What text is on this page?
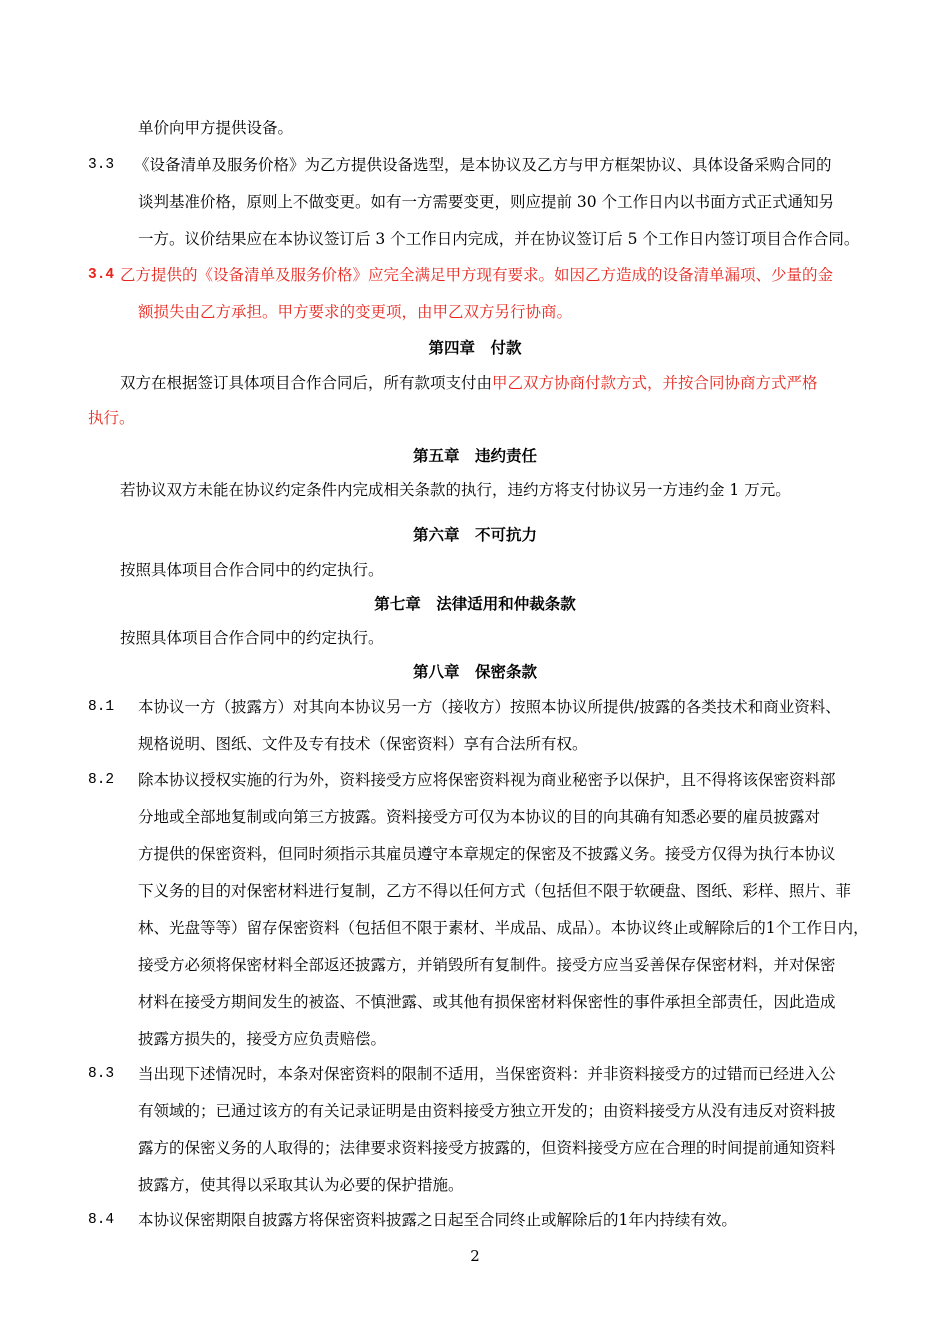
单价向甲方提供设备。
3.3 《设备清单及服务价格》为乙方提供设备选型，是本协议及乙方与甲方框架协议、具体设备采购合同的
谈判基准价格，原则上不做变更。如有一方需要变更，则应提前 30 个工作日内以书面方式正式通知另
一方。议价结果应在本协议签订后 3 个工作日内完成，并在协议签订后 5 个工作日内签订项目合作合同。
3.4 乙方提供的《设备清单及服务价格》应完全满足甲方现有要求。如因乙方造成的设备清单漏项、少量的金
额损失由乙方承担。甲方要求的变更项，由甲乙双方另行协商。
第四章　付款
双方在根据签订具体项目合作合同后，所有款项支付由甲乙双方协商付款方式，并按合同协商方式严格
执行。
第五章　违约责任
若协议双方未能在协议约定条件内完成相关条款的执行，违约方将支付协议另一方违约金 1 万元。
第六章　不可抗力
按照具体项目合作合同中的约定执行。
第七章　法律适用和仲裁条款
按照具体项目合作合同中的约定执行。
第八章　保密条款
8.1 本协议一方（披露方）对其向本协议另一方（接收方）按照本协议所提供/披露的各类技术和商业资料、
规格说明、图纸、文件及专有技术（保密资料）享有合法所有权。
8.2 除本协议授权实施的行为外，资料接受方应将保密资料视为商业秘密予以保护，且不得将该保密资料部
分地或全部地复制或向第三方披露。资料接受方可仅为本协议的目的向其确有知悉必要的雇员披露对
方提供的保密资料，但同时须指示其雇员遵守本章规定的保密及不披露义务。接受方仅得为执行本协议
下义务的目的对保密材料进行复制，乙方不得以任何方式（包括但不限于软硬盘、图纸、彩样、照片、菲
林、光盘等等）留存保密资料（包括但不限于素材、半成品、成品）。本协议终止或解除后的1个工作日内，
接受方必须将保密材料全部返还披露方，并销毁所有复制件。接受方应当妥善保存保密材料，并对保密
材料在接受方期间发生的被盗、不慎泄露、或其他有损保密材料保密性的事件承担全部责任，因此造成
披露方损失的，接受方应负责赔偿。
8.3 当出现下述情况时，本条对保密资料的限制不适用，当保密资料：并非资料接受方的过错而已经进入公
有领域的；已通过该方的有关记录证明是由资料接受方独立开发的；由资料接受方从没有违反对资料披
露方的保密义务的人取得的；法律要求资料接受方披露的，但资料接受方应在合理的时间提前通知资料
披露方，使其得以采取其认为必要的保护措施。
8.4 本协议保密期限自披露方将保密资料披露之日起至合同终止或解除后的1年内持续有效。
2
